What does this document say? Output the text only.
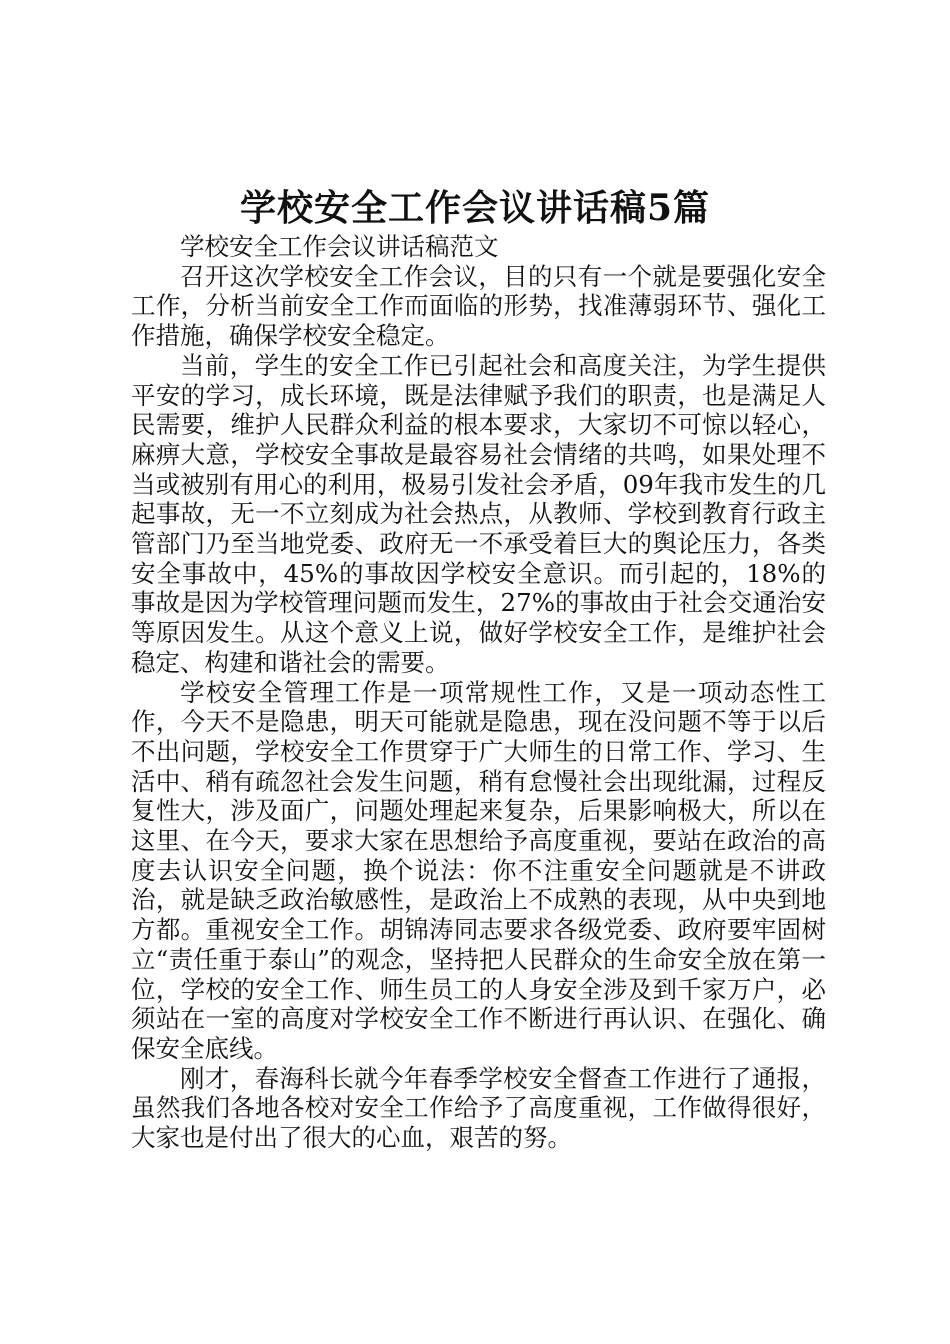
学校安全工作会议讲话稿5篇

学校安全工作会议讲话稿范文

召开这次学校安全工作会议，目的只有一个就是要强化安全工作，分析当前安全工作而面临的形势，找准薄弱环节、强化工作措施，确保学校安全稳定。

当前，学生的安全工作已引起社会和高度关注，为学生提供平安的学习，成长环境，既是法律赋予我们的职责，也是满足人民需要，维护人民群众利益的根本要求，大家切不可惊以轻心，麻痹大意，学校安全事故是最容易社会情绪的共鸣，如果处理不当或被别有用心的利用，极易引发社会矛盾，09年我市发生的几起事故，无一不立刻成为社会热点，从教师、学校到教育行政主管部门乃至当地党委、政府无一不承受着巨大的舆论压力，各类安全事故中，45%的事故因学校安全意识。而引起的，18%的事故是因为学校管理问题而发生，27%的事故由于社会交通治安等原因发生。从这个意义上说，做好学校安全工作，是维护社会稳定、构建和谐社会的需要。

学校安全管理工作是一项常规性工作，又是一项动态性工作，今天不是隐患，明天可能就是隐患，现在没问题不等于以后不出问题，学校安全工作贯穿于广大师生的日常工作、学习、生活中、稍有疏忽社会发生问题，稍有怠慢社会出现纰漏，过程反复性大，涉及面广，问题处理起来复杂，后果影响极大，所以在这里、在今天，要求大家在思想给予高度重视，要站在政治的高度去认识安全问题，换个说法：你不注重安全问题就是不讲政治，就是缺乏政治敏感性，是政治上不成熟的表现，从中央到地方都。重视安全工作。胡锦涛同志要求各级党委、政府要牢固树立“责任重于泰山”的观念，坚持把人民群众的生命安全放在第一位，学校的安全工作、师生员工的人身安全涉及到千家万户，必须站在一室的高度对学校安全工作不断进行再认识、在强化、确保安全底线。

刚才，春海科长就今年春季学校安全督查工作进行了通报，虽然我们各地各校对安全工作给予了高度重视，工作做得很好，大家也是付出了很大的心血，艰苦的努。
